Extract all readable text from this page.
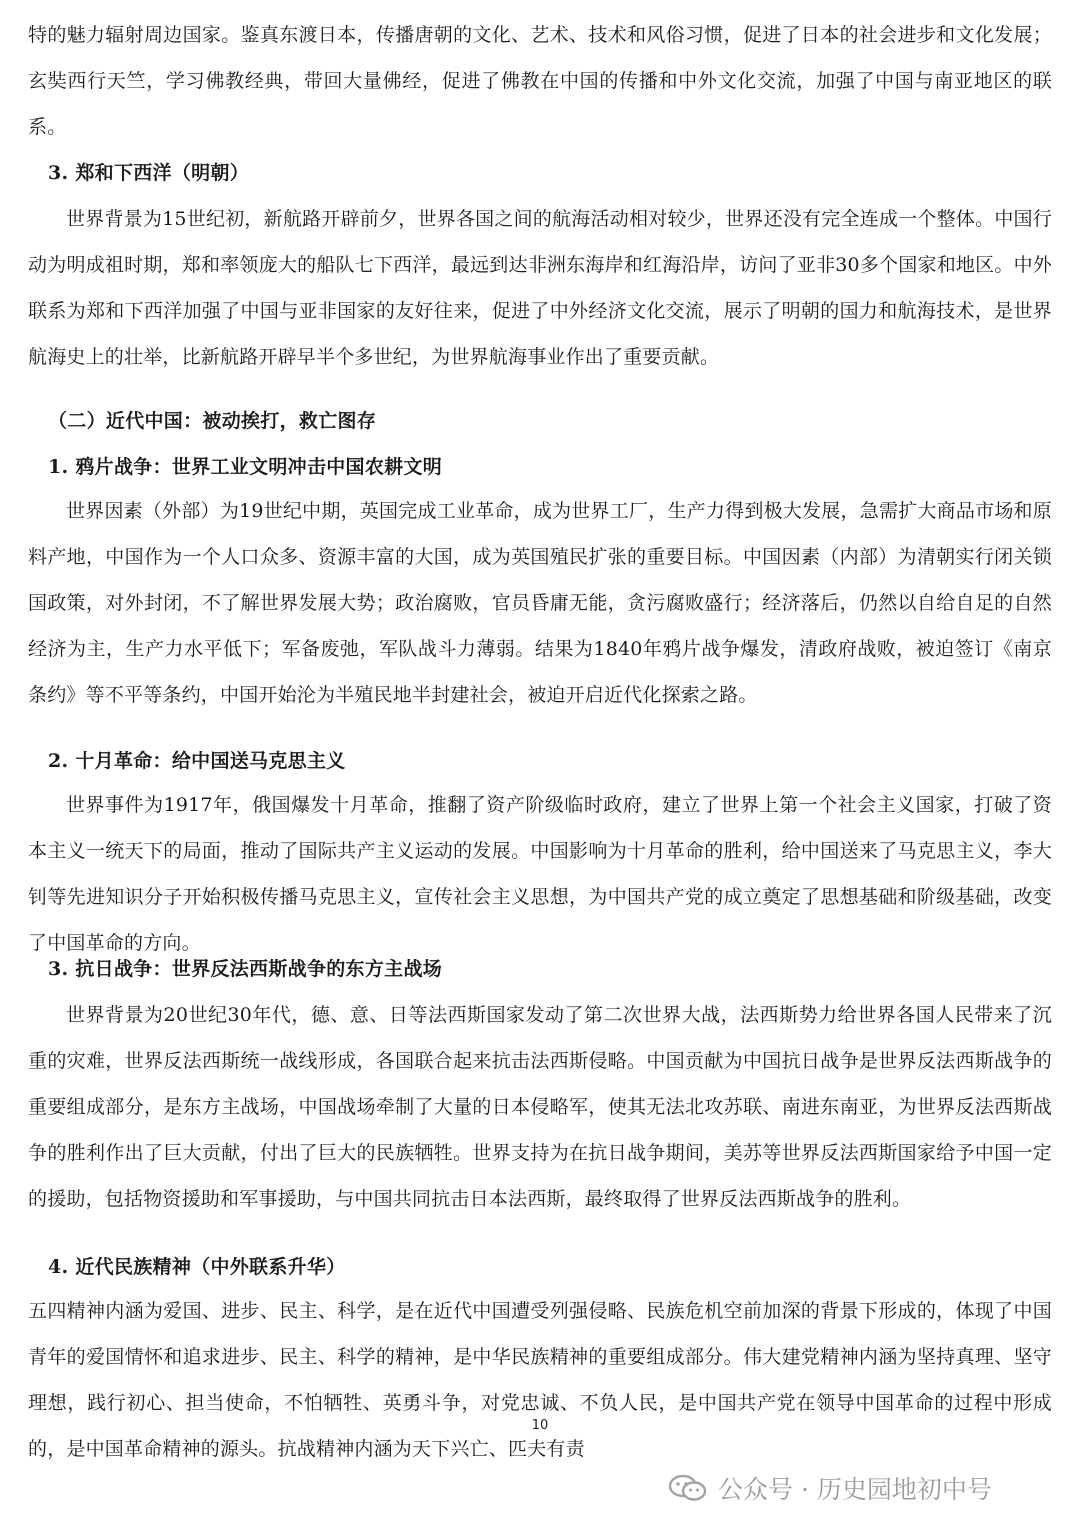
特的魅力辐射周边国家。鉴真东渡日本，传播唐朝的文化、艺术、技术和风俗习惯，促进了日本的社会进步和文化发展；玄奘西行天竺，学习佛教经典，带回大量佛经，促进了佛教在中国的传播和中外文化交流，加强了中国与南亚地区的联系。

3. 郑和下西洋（明朝）

世界背景为15世纪初，新航路开辟前夕，世界各国之间的航海活动相对较少，世界还没有完全连成一个整体。中国行动为明成祖时期，郑和率领庞大的船队七下西洋，最远到达非洲东海岸和红海沿岸，访问了亚非30多个国家和地区。中外联系为郑和下西洋加强了中国与亚非国家的友好往来，促进了中外经济文化交流，展示了明朝的国力和航海技术，是世界航海史上的壮举，比新航路开辟早半个多世纪，为世界航海事业作出了重要贡献。

（二）近代中国：被动挨打，救亡图存
1. 鸦片战争：世界工业文明冲击中国农耕文明

世界因素（外部）为19世纪中期，英国完成工业革命，成为世界工厂，生产力得到极大发展，急需扩大商品市场和原料产地，中国作为一个人口众多、资源丰富的大国，成为英国殖民扩张的重要目标。中国因素（内部）为清朝实行闭关锁国政策，对外封闭，不了解世界发展大势；政治腐败，官员昏庸无能，贪污腐败盛行；经济落后，仍然以自给自足的自然经济为主，生产力水平低下；军备废弛，军队战斗力薄弱。结果为1840年鸦片战争爆发，清政府战败，被迫签订《南京条约》等不平等条约，中国开始沦为半殖民地半封建社会，被迫开启近代化探索之路。

2. 十月革命：给中国送马克思主义

世界事件为1917年，俄国爆发十月革命，推翻了资产阶级临时政府，建立了世界上第一个社会主义国家，打破了资本主义一统天下的局面，推动了国际共产主义运动的发展。中国影响为十月革命的胜利，给中国送来了马克思主义，李大钊等先进知识分子开始积极传播马克思主义，宣传社会主义思想，为中国共产党的成立奠定了思想基础和阶级基础，改变了中国革命的方向。

3. 抗日战争：世界反法西斯战争的东方主战场

世界背景为20世纪30年代，德、意、日等法西斯国家发动了第二次世界大战，法西斯势力给世界各国人民带来了沉重的灾难，世界反法西斯统一战线形成，各国联合起来抗击法西斯侵略。中国贡献为中国抗日战争是世界反法西斯战争的重要组成部分，是东方主战场，中国战场牵制了大量的日本侵略军，使其无法北攻苏联、南进东南亚，为世界反法西斯战争的胜利作出了巨大贡献，付出了巨大的民族牺牲。世界支持为在抗日战争期间，美苏等世界反法西斯国家给予中国一定的援助，包括物资援助和军事援助，与中国共同抗击日本法西斯，最终取得了世界反法西斯战争的胜利。

4. 近代民族精神（中外联系升华）

五四精神内涵为爱国、进步、民主、科学，是在近代中国遭受列强侵略、民族危机空前加深的背景下形成的，体现了中国青年的爱国情怀和追求进步、民主、科学的精神，是中华民族精神的重要组成部分。伟大建党精神内涵为坚持真理、坚守理想，践行初心、担当使命，不怕牺牲、英勇斗争，对党忠诚、不负人民，是中国共产党在领导中国革命的过程中形成的，是中国革命精神的源头。抗战精神内涵为天下兴亡、匹夫有责

10
公众号 · 历史园地初中号
